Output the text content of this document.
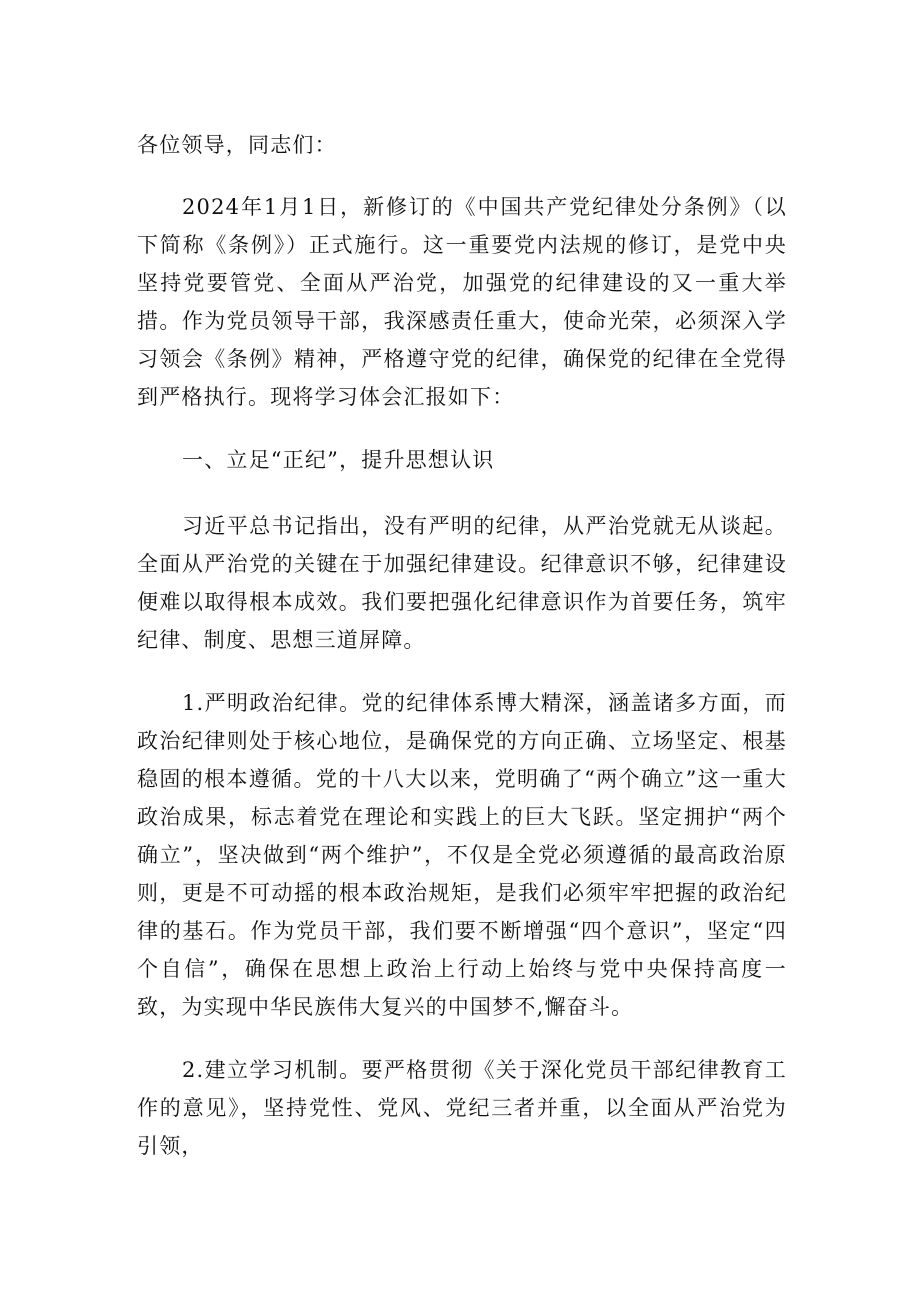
各位领导，同志们：

2024年1月1日，新修订的《中国共产党纪律处分条例》（以下简称《条例》）正式施行。这一重要党内法规的修订，是党中央坚持党要管党、全面从严治党，加强党的纪律建设的又一重大举措。作为党员领导干部，我深感责任重大，使命光荣，必须深入学习领会《条例》精神，严格遵守党的纪律，确保党的纪律在全党得到严格执行。现将学习体会汇报如下：

一、立足“正纪”，提升思想认识

习近平总书记指出，没有严明的纪律，从严治党就无从谈起。全面从严治党的关键在于加强纪律建设。纪律意识不够，纪律建设便难以取得根本成效。我们要把强化纪律意识作为首要任务，筑牢纪律、制度、思想三道屏障。

1.严明政治纪律。党的纪律体系博大精深，涵盖诸多方面，而政治纪律则处于核心地位，是确保党的方向正确、立场坚定、根基稳固的根本遵循。党的十八大以来，党明确了“两个确立”这一重大政治成果，标志着党在理论和实践上的巨大飞跃。坚定拥护“两个确立”，坚决做到“两个维护”，不仅是全党必须遵循的最高政治原则，更是不可动摇的根本政治规矩，是我们必须牢牢把握的政治纪律的基石。作为党员干部，我们要不断增强“四个意识”，坚定“四个自信”，确保在思想上政治上行动上始终与党中央保持高度一致，为实现中华民族伟大复兴的中国梦不,懈奋斗。

2.建立学习机制。要严格贯彻《关于深化党员干部纪律教育工作的意见》，坚持党性、党风、党纪三者并重，以全面从严治党为引领，
